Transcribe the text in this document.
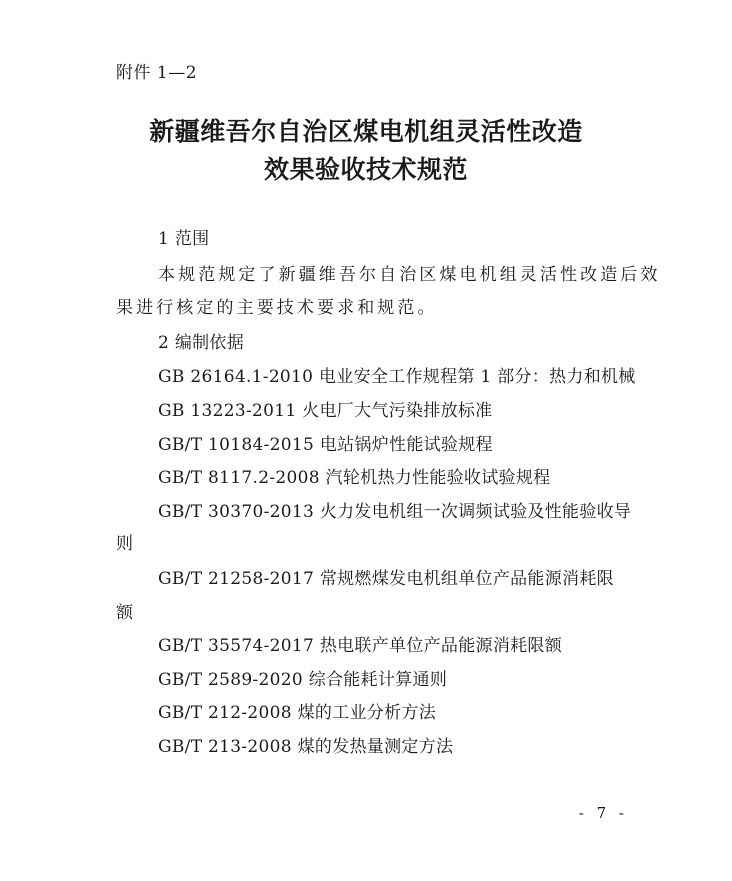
附件 1—2
新疆维吾尔自治区煤电机组灵活性改造
效果验收技术规范
1 范围
本规范规定了新疆维吾尔自治区煤电机组灵活性改造后效
果进行核定的主要技术要求和规范。
2 编制依据
GB 26164.1-2010 电业安全工作规程第 1 部分：热力和机械
GB 13223-2011 火电厂大气污染排放标准
GB/T 10184-2015 电站锅炉性能试验规程
GB/T 8117.2-2008 汽轮机热力性能验收试验规程
GB/T 30370-2013 火力发电机组一次调频试验及性能验收导
则
GB/T 21258-2017 常规燃煤发电机组单位产品能源消耗限
额
GB/T 35574-2017 热电联产单位产品能源消耗限额
GB/T 2589-2020 综合能耗计算通则
GB/T 212-2008 煤的工业分析方法
GB/T 213-2008 煤的发热量测定方法
- 7 -
